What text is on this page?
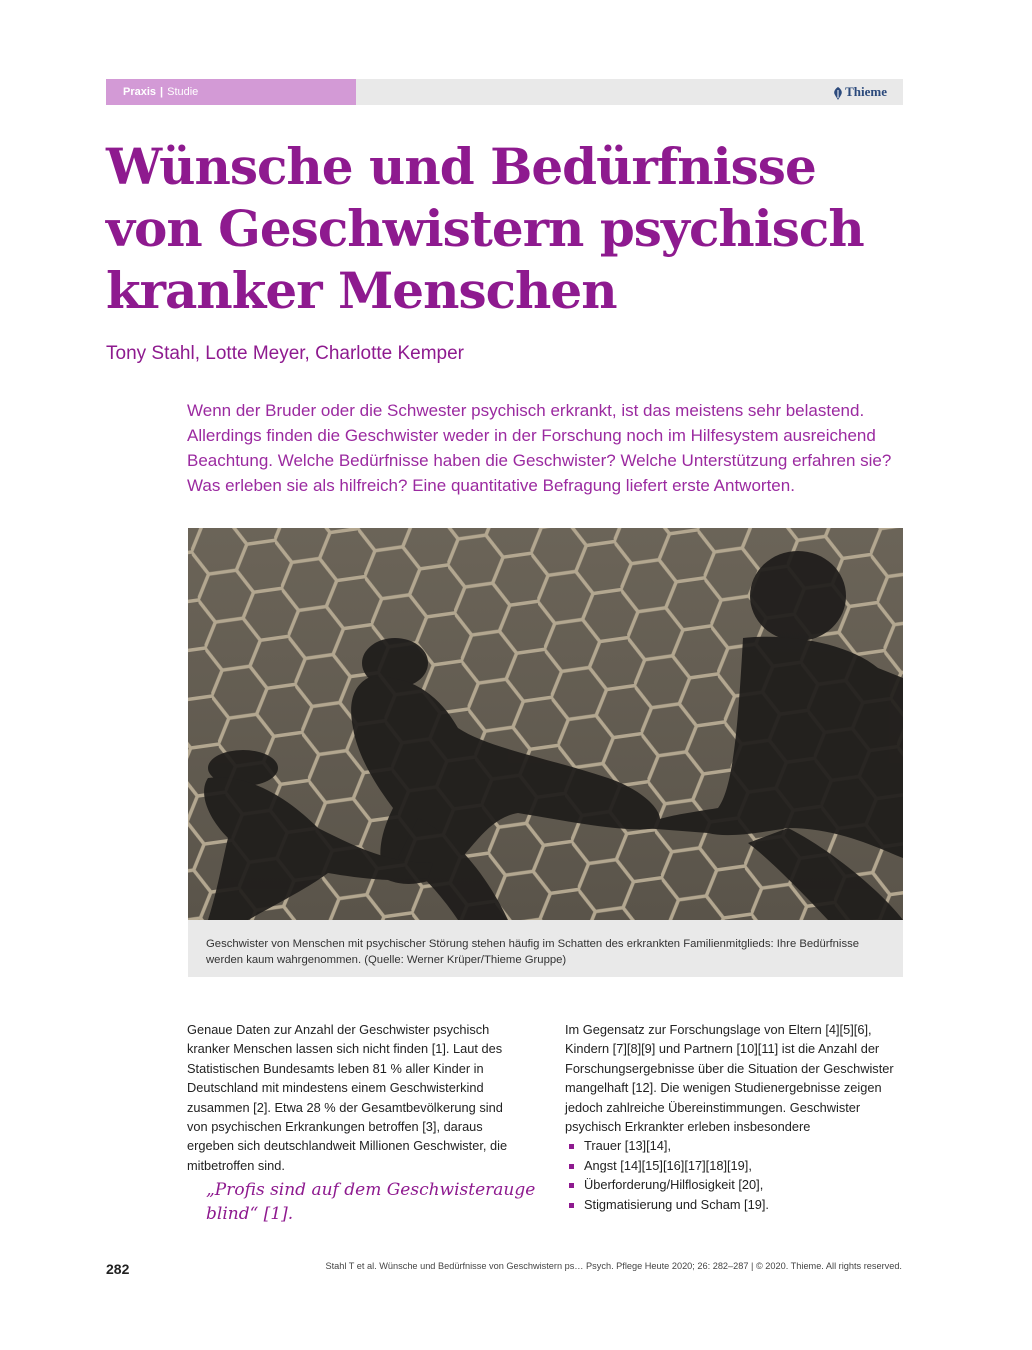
Praxis | Studie	Thieme
Wünsche und Bedürfnisse
von Geschwistern psychisch
kranker Menschen
Tony Stahl, Lotte Meyer, Charlotte Kemper

Wenn der Bruder oder die Schwester psychisch erkrankt, ist das meistens sehr belastend. Allerdings finden die Geschwister weder in der Forschung noch im Hilfesystem ausreichend Beachtung. Welche Bedürfnisse haben die Geschwister? Welche Unterstützung erfahren sie? Was erleben sie als hilfreich? Eine quantitative Befragung liefert erste Antworten.

Geschwister von Menschen mit psychischer Störung stehen häufig im Schatten des erkrankten Familienmitglieds: Ihre Bedürfnisse werden kaum wahrgenommen. (Quelle: Werner Krüper/Thieme Gruppe)

Genaue Daten zur Anzahl der Geschwister psychisch kranker Menschen lassen sich nicht finden [1]. Laut des Statistischen Bundesamts leben 81 % aller Kinder in Deutschland mit mindestens einem Geschwisterkind zusammen [2]. Etwa 28 % der Gesamtbevölkerung sind von psychischen Erkrankungen betroffen [3], daraus ergeben sich deutschlandweit Millionen Geschwister, die mitbetroffen sind.

„Profis sind auf dem Geschwisterauge blind“ [1].

Im Gegensatz zur Forschungslage von Eltern [4][5][6], Kindern [7][8][9] und Partnern [10][11] ist die Anzahl der Forschungsergebnisse über die Situation der Geschwister mangelhaft [12]. Die wenigen Studienergebnisse zeigen jedoch zahlreiche Übereinstimmungen. Geschwister psychisch Erkrankter erleben insbesondere

Trauer [13][14],
Angst [14][15][16][17][18][19],
Überforderung/Hilflosigkeit [20],
Stigmatisierung und Scham [19].
282	Stahl T et al. Wünsche und Bedürfnisse von Geschwistern ps… Psych. Pflege Heute 2020; 26: 282–287 | © 2020. Thieme. All rights reserved.
